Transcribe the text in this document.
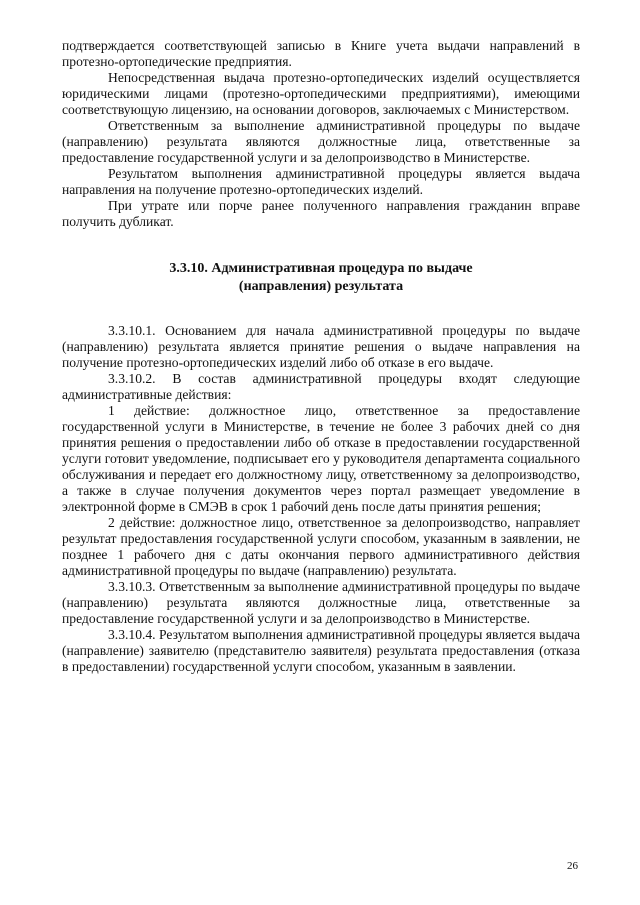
подтверждается соответствующей записью в Книге учета выдачи направлений в протезно-ортопедические предприятия.

Непосредственная выдача протезно-ортопедических изделий осуществляется юридическими лицами (протезно-ортопедическими предприятиями), имеющими соответствующую лицензию, на основании договоров, заключаемых с Министерством.

Ответственным за выполнение административной процедуры по выдаче (направлению) результата являются должностные лица, ответственные за предоставление государственной услуги и за делопроизводство в Министерстве.

Результатом выполнения административной процедуры является выдача направления на получение протезно-ортопедических изделий.

При утрате или порче ранее полученного направления гражданин вправе получить дубликат.

3.3.10. Административная процедура по выдаче
(направления) результата

3.3.10.1. Основанием для начала административной процедуры по выдаче (направлению) результата является принятие решения о выдаче направления на получение протезно-ортопедических изделий либо об отказе в его выдаче.

3.3.10.2. В состав административной процедуры входят следующие административные действия:

1 действие: должностное лицо, ответственное за предоставление государственной услуги в Министерстве, в течение не более 3 рабочих дней со дня принятия решения о предоставлении либо об отказе в предоставлении государственной услуги готовит уведомление, подписывает его у руководителя департамента социального обслуживания и передает его должностному лицу, ответственному за делопроизводство, а также в случае получения документов через портал размещает уведомление в электронной форме в СМЭВ в срок 1 рабочий день после даты принятия решения;

2 действие: должностное лицо, ответственное за делопроизводство, направляет результат предоставления государственной услуги способом, указанным в заявлении, не позднее 1 рабочего дня с даты окончания первого административного действия административной процедуры по выдаче (направлению) результата.

3.3.10.3. Ответственным за выполнение административной процедуры по выдаче (направлению) результата являются должностные лица, ответственные за предоставление государственной услуги и за делопроизводство в Министерстве.

3.3.10.4. Результатом выполнения административной процедуры является выдача (направление) заявителю (представителю заявителя) результата предоставления (отказа в предоставлении) государственной услуги способом, указанным в заявлении.

26
